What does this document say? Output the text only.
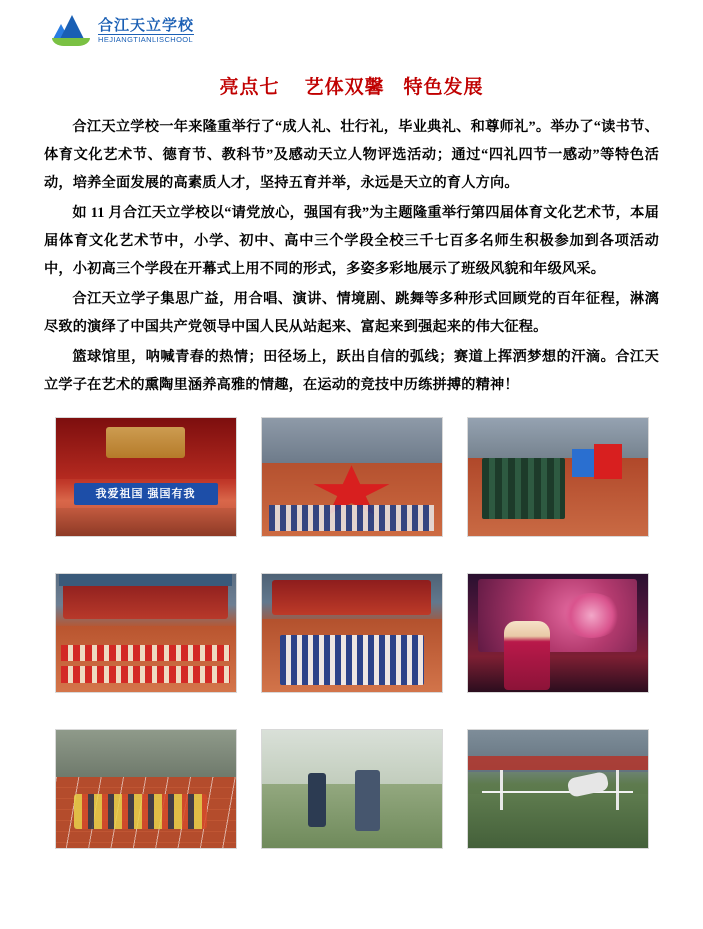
合江天立学校
HEJIANGTIANLISCHOOL
亮点七    艺体双馨   特色发展

合江天立学校一年来隆重举行了“成人礼、壮行礼，毕业典礼、和尊师礼”。举办了“读书节、体育文化艺术节、德育节、教科节”及感动天立人物评选活动；通过“四礼四节一感动”等特色活动，培养全面发展的高素质人才，坚持五育并举，永远是天立的育人方向。

如 11 月合江天立学校以“请党放心，强国有我”为主题隆重举行第四届体育文化艺术节，本届届体育文化艺术节中，小学、初中、高中三个学段全校三千七百多名师生积极参加到各项活动中，小初高三个学段在开幕式上用不同的形式，多姿多彩地展示了班级风貌和年级风采。

合江天立学子集思广益，用合唱、演讲、情境剧、跳舞等多种形式回顾党的百年征程，淋漓尽致的演绎了中国共产党领导中国人民从站起来、富起来到强起来的伟大征程。

篮球馆里，呐喊青春的热情；田径场上，跃出自信的弧线；赛道上挥洒梦想的汗滴。合江天立学子在艺术的熏陶里涵养高雅的情趣，在运动的竞技中历练拼搏的精神！

我爱祖国 强国有我
